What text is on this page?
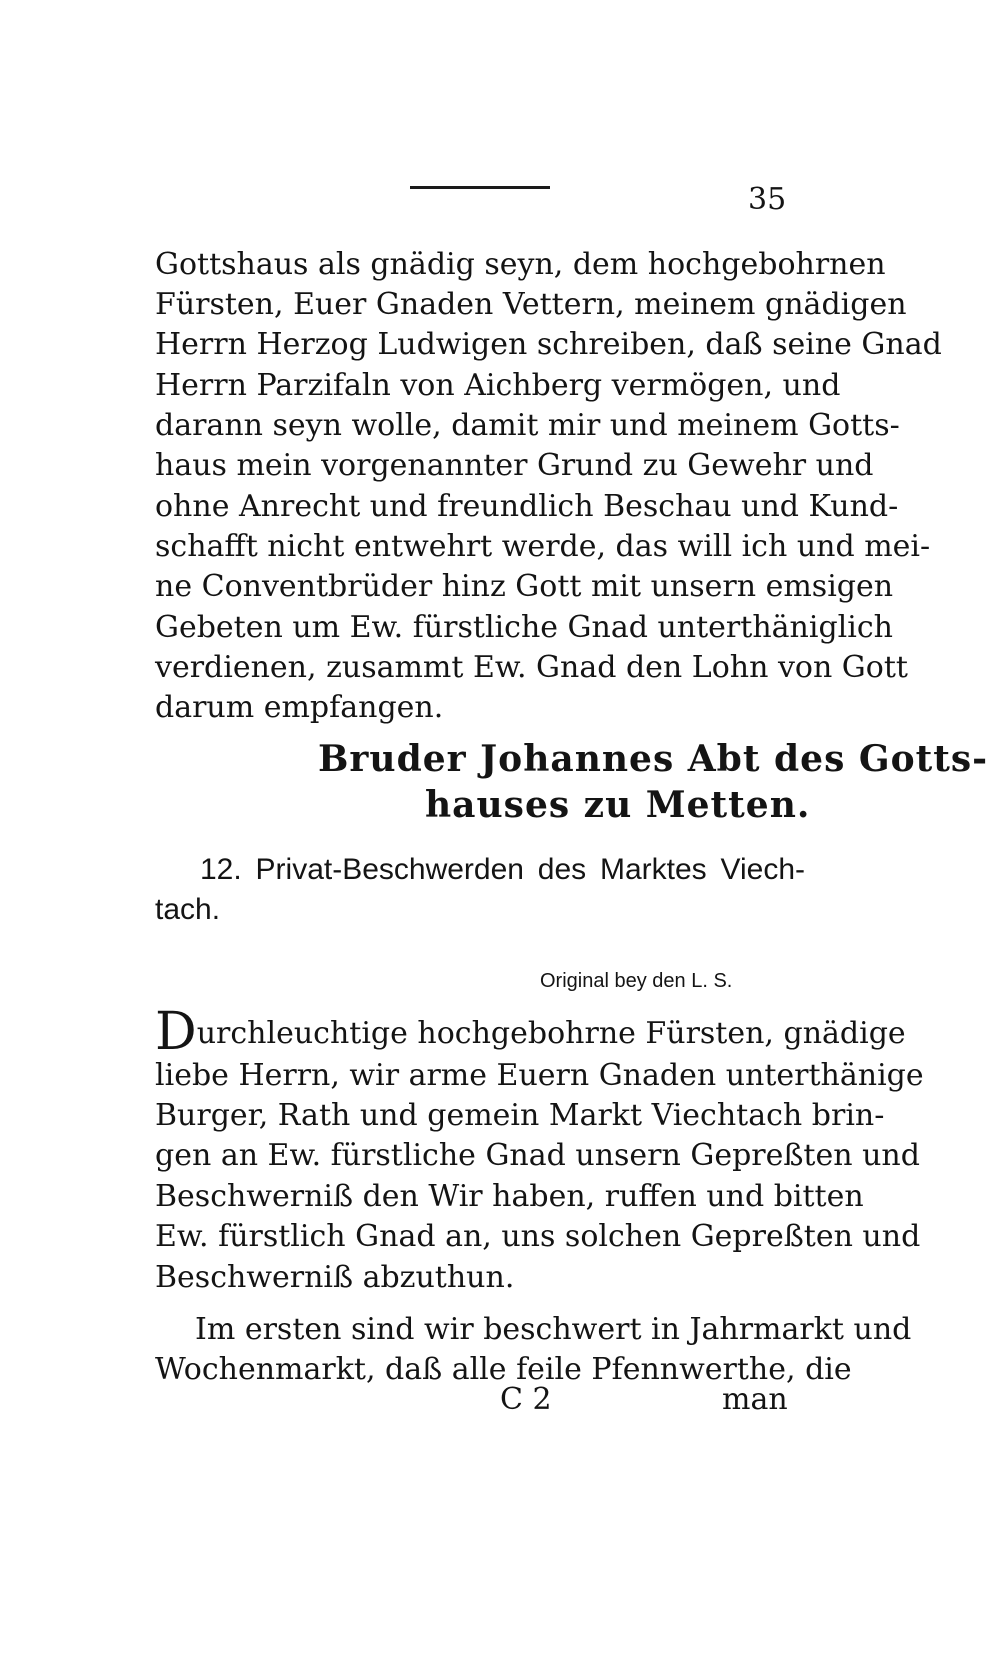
35
Gottshaus als gnädig seyn, dem hochgebohrnen
Fürsten, Euer Gnaden Vettern, meinem gnädigen
Herrn Herzog Ludwigen schreiben, daß seine Gnad
Herrn Parzifaln von Aichberg vermögen, und
darann seyn wolle, damit mir und meinem Gotts-
haus mein vorgenannter Grund zu Gewehr und
ohne Anrecht und freundlich Beschau und Kund-
schafft nicht entwehrt werde, das will ich und mei-
ne Conventbrüder hinz Gott mit unsern emsigen
Gebeten um Ew. fürstliche Gnad unterthäniglich
verdienen, zusammt Ew. Gnad den Lohn von Gott
darum empfangen.
Bruder Johannes Abt des Gotts-
hauses zu Metten.
12. Privat-Beschwerden des Marktes Viech-
tach.
Original bey den L. S.
Durchleuchtige hochgebohrne Fürsten, gnädige
liebe Herrn, wir arme Euern Gnaden unterthänige
Burger, Rath und gemein Markt Viechtach brin-
gen an Ew. fürstliche Gnad unsern Gepreßten und
Beschwerniß den Wir haben, ruffen und bitten
Ew. fürstlich Gnad an, uns solchen Gepreßten und
Beschwerniß abzuthun.
Im ersten sind wir beschwert in Jahrmarkt und
Wochenmarkt, daß alle feile Pfennwerthe, die
C 2	man
